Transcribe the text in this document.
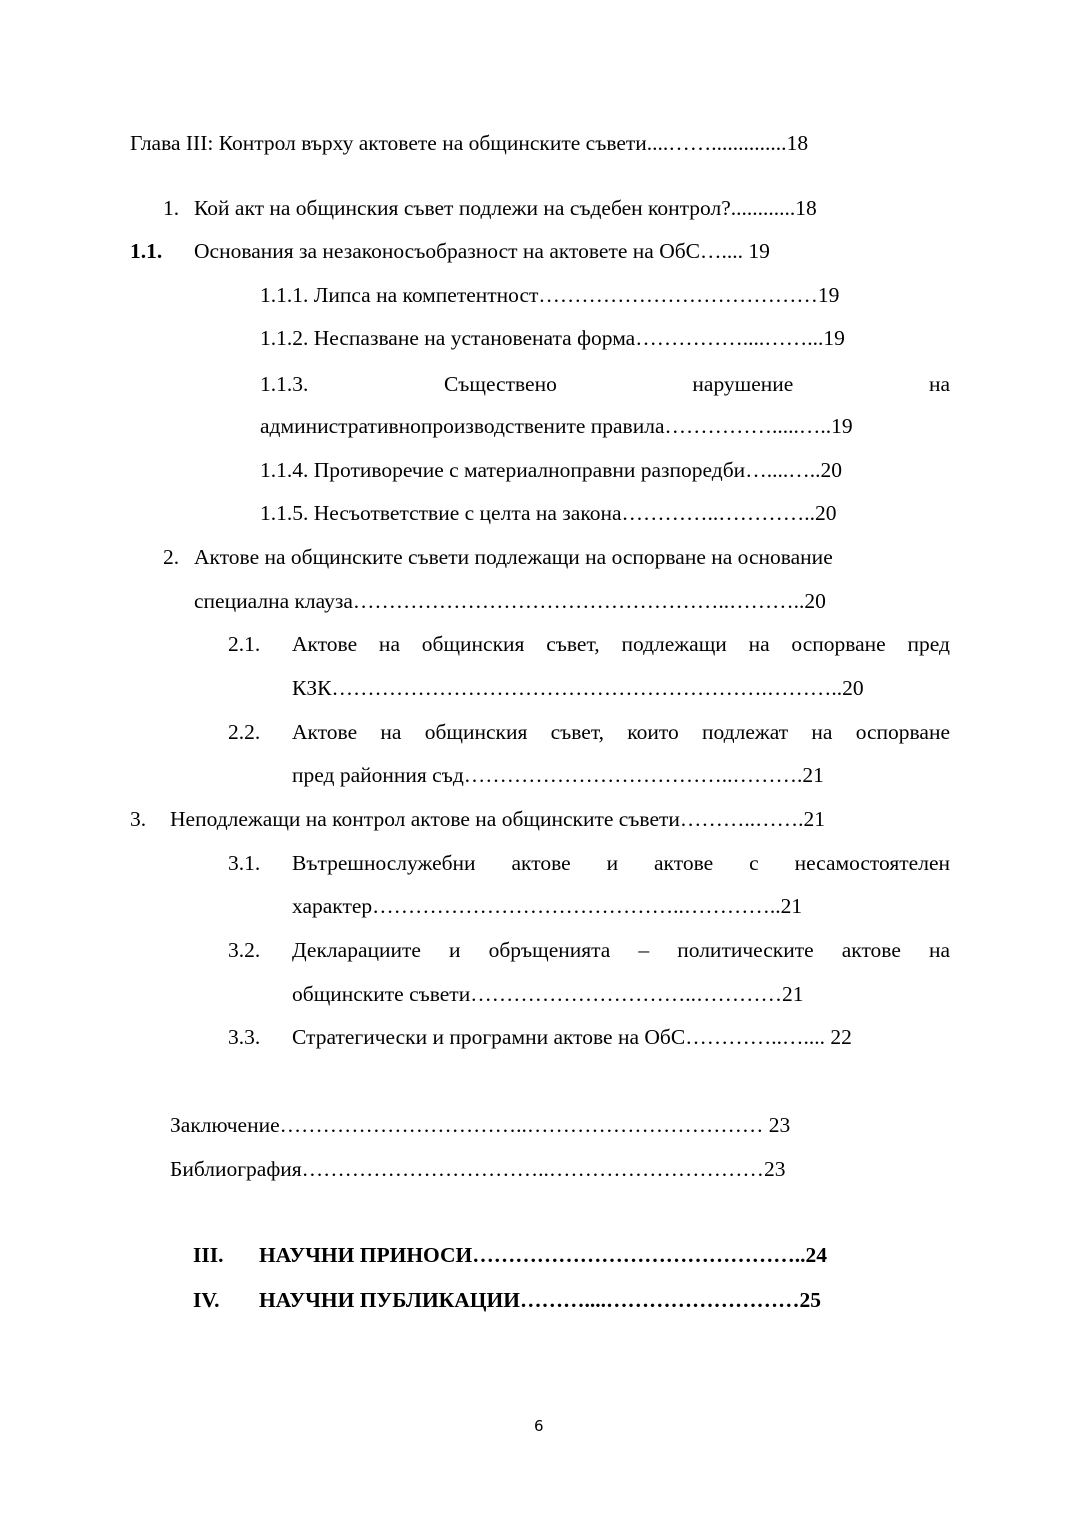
Глава III: Контрол върху актовете на общинските съвети....……..............18
1. Кой акт на общинския съвет подлежи на съдебен контрол?............18
1.1. Основания за незаконосъобразност на актовете на ОбС….... 19
1.1.1. Липса на компетентност…………………………………19
1.1.2. Неспазване на установената форма……………....……...19
1.1.3.	Съществено	нарушение	на
административнопроизводствените правила…………….....…..19
1.1.4. Противоречие с материалноправни разпоредби…....…..20
1.1.5. Несъответствие с целта на закона…………..…………..20
2. Актове на общинските съвети подлежащи на оспорване на основание
специална клауза……………………………………………..………..20
2.1. Актове на общинския съвет, подлежащи на оспорване пред
КЗК…………………………………………………….………..20
2.2. Актове на общинския съвет, които подлежат на оспорване
пред районния съд………………………………..……….21
3. Неподлежащи на контрол актове на общинските съвети………..…….21
3.1. Вътрешнослужебни актове и актове с несамостоятелен
характер……………………………………..…………..21
3.2. Декларациите и обръщенията – политическите актове на
общинските съвети…………………………..…………21
3.3. Стратегически и програмни актове на ОбС…………..….... 22
Заключение……………………………..…………………………… 23
Библиография……………………………..…………………………23
III. НАУЧНИ ПРИНОСИ………………………………………..24
IV. НАУЧНИ ПУБЛИКАЦИИ………....………………………25
6
